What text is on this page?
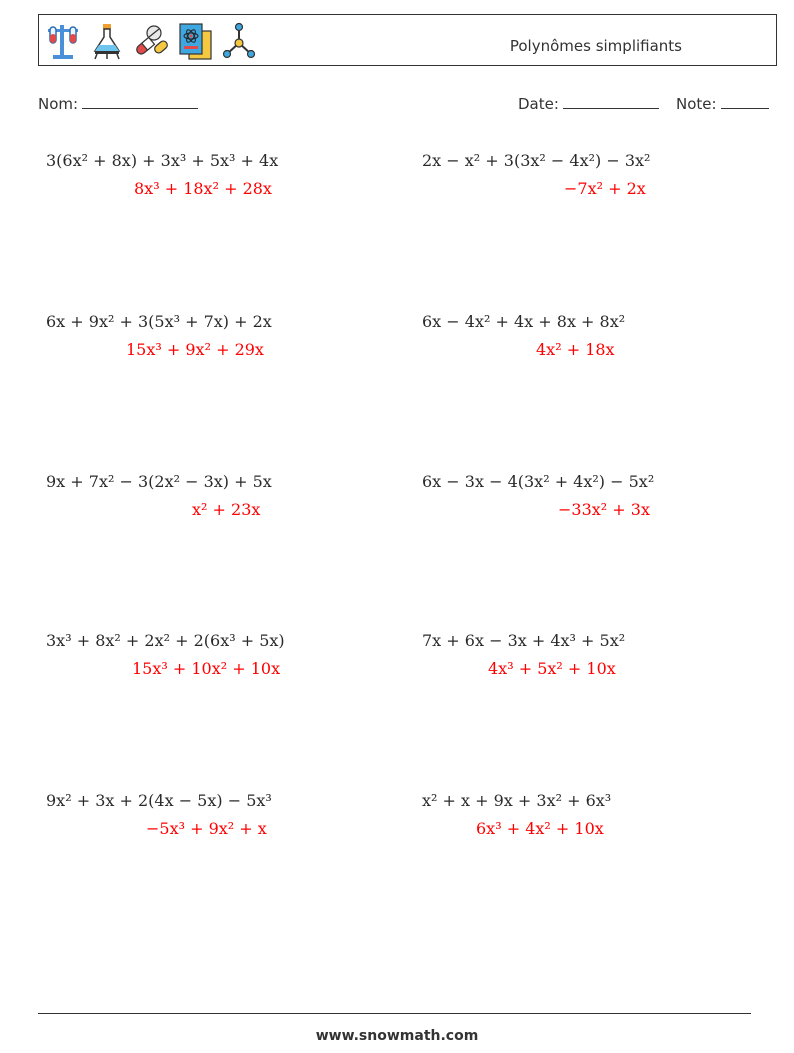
Polynômes simplifiants
Nom:	Date:	Note:
3(6x² + 8x) + 3x³ + 5x³ + 4x
8x³ + 18x² + 28x
6x + 9x² + 3(5x³ + 7x) + 2x
15x³ + 9x² + 29x
9x + 7x² − 3(2x² − 3x) + 5x
x² + 23x
3x³ + 8x² + 2x² + 2(6x³ + 5x)
15x³ + 10x² + 10x
9x² + 3x + 2(4x − 5x) − 5x³
−5x³ + 9x² + x
2x − x² + 3(3x² − 4x²) − 3x²
−7x² + 2x
6x − 4x² + 4x + 8x + 8x²
4x² + 18x
6x − 3x − 4(3x² + 4x²) − 5x²
−33x² + 3x
7x + 6x − 3x + 4x³ + 5x²
4x³ + 5x² + 10x
x² + x + 9x + 3x² + 6x³
6x³ + 4x² + 10x
www.snowmath.com
